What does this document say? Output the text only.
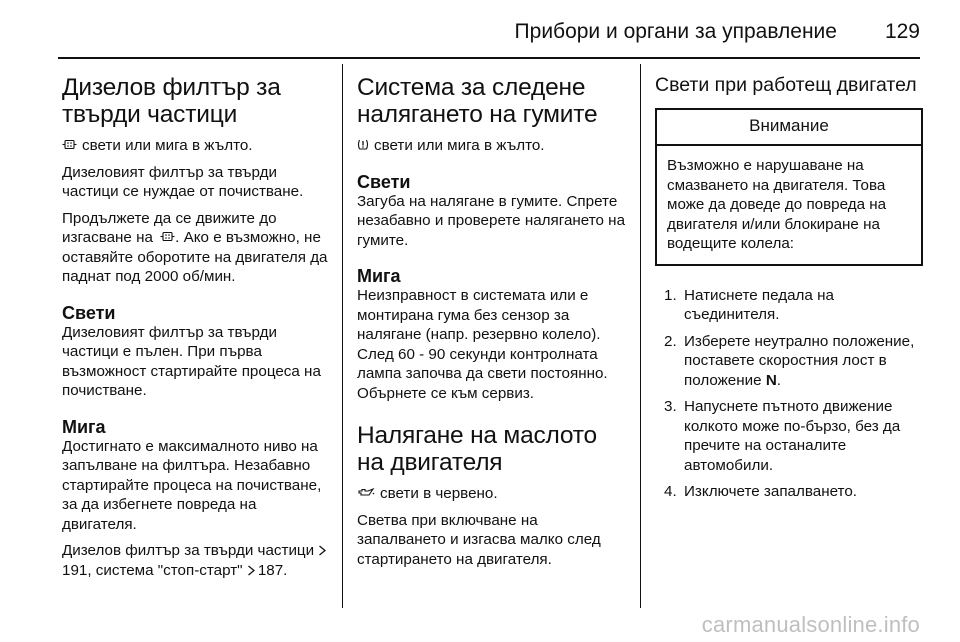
Прибори и органи за управление 129
Дизелов филтър за твърди частици

свети или мига в жълто.

Дизеловият филтър за твърди частици се нуждае от почистване.

Продължете да се движите до изгасване на . Ако е възможно, не оставяйте оборотите на двигателя да паднат под 2000 об/мин.

Свети

Дизеловият филтър за твърди частици е пълен. При първа възможност стартирайте процеса на почистване.

Мига

Достигнато е максималното ниво на запълване на филтъра. Незабавно стартирайте процеса на почистване, за да избегнете повреда на двигателя.

Дизелов филтър за твърди частици 191, система "стоп-старт" 187.

Система за следене налягането на гумите

свети или мига в жълто.

Свети

Загуба на налягане в гумите. Спрете незабавно и проверете налягането на гумите.

Мига

Неизправност в системата или е монтирана гума без сензор за налягане (напр. резервно колело). След 60 - 90 секунди контролната лампа започва да свети постоянно. Обърнете се към сервиз.

Налягане на маслото на двигателя

свети в червено.

Светва при включване на запалването и изгасва малко след стартирането на двигателя.

Свети при работещ двигател
Внимание
Възможно е нарушаване на смазването на двигателя. Това може да доведе до повреда на двигателя и/или блокиране на водещите колела:
1. Натиснете педала на съединителя.
2. Изберете неутрално положение, поставете скоростния лост в положение N.
3. Напуснете пътното движение колкото може по-бързо, без да пречите на останалите автомобили.
4. Изключете запалването.
carmanualsonline.info
